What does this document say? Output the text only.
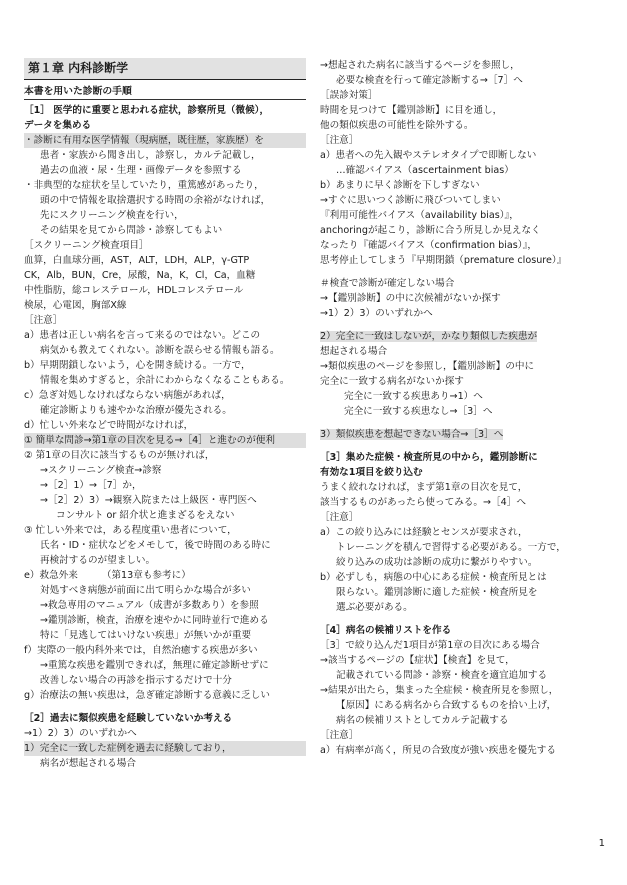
第１章 内科診断学
本書を用いた診断の手順
［1］ 医学的に重要と思われる症状，診察所見（微候），
データを集める
・診断に有用な医学情報（現病歴，既往歴，家族歴）を
患者・家族から聞き出し，診察し，カルテ記載し，
過去の血液・尿・生理・画像データを参照する
・非典型的な症状を呈していたり，重篤感があったり，
頭の中で情報を取捨選択する時間の余裕がなければ，
先にスクリーニング検査を行い，
その結果を見てから問診・診察してもよい
［スクリーニング検査項目］
血算，白血球分画，AST，ALT，LDH，ALP，γ-GTP
CK，Alb，BUN，Cre，尿酸，Na，K，Cl，Ca，血糖
中性脂肪，総コレステロール，HDLコレステロール
検尿，心電図，胸部X線
［注意］
a）患者は正しい病名を言って来るのではない。どこの
病気かも教えてくれない。診断を誤らせる情報も語る。
b）早期閉鎖しないよう，心を開き続ける。一方で，
情報を集めすぎると，余計にわからなくなることもある。
c）急ぎ対処しなければならない病態があれば，
確定診断よりも速やかな治療が優先される。
d）忙しい外来などで時間がなければ，
① 簡単な問診→第1章の目次を見る→［4］と進むのが便利
② 第1章の目次に該当するものが無ければ，
→スクリーニング検査→診察
→［2］1）→［7］か，
→［2］2）3）→観察入院または上級医・専門医へ
コンサルト or 紹介状と進まざるをえない
③ 忙しい外来では，ある程度重い患者について，
氏名・ID・症状などをメモして，後で時間のある時に
再検討するのが望ましい。
e）救急外来　　　（第13章も参考に）
対処すべき病態が前面に出て明らかな場合が多い
→救急専用のマニュアル（成書が多数あり）を参照
→鑑別診断，検査，治療を速やかに同時並行で進める
特に「見逃してはいけない疾患」が無いかが重要
f）実際の一般内科外来では，自然治癒する疾患が多い
→重篤な疾患を鑑別できれば，無理に確定診断せずに
改善しない場合の再診を指示するだけで十分
g）治療法の無い疾患は，急ぎ確定診断する意義に乏しい
［2］過去に類似疾患を経験していないか考える
→1）2）3）のいずれかへ
1）完全に一致した症例を過去に経験しており，
病名が想起される場合
→想起された病名に該当するページを参照し，
必要な検査を行って確定診断する→［7］へ
［誤診対策］
時間を見つけて【鑑別診断】に目を通し，
他の類似疾患の可能性を除外する。
［注意］
a）患者への先入観やステレオタイプで即断しない
…確認バイアス（ascertainment bias）
b）あまりに早く診断を下しすぎない
→すぐに思いつく診断に飛びついてしまい
『利用可能性バイアス（availability bias）』，
anchoringが起こり，診断に合う所見しか見えなく
なったり『確認バイアス（confirmation bias）』，
思考停止してしまう『早期閉鎖（premature closure）』
＃検査で診断が確定しない場合
→【鑑別診断】の中に次候補がないか探す
→1）2）3）のいずれかへ
2）完全に一致はしないが，かなり類似した疾患が
想起される場合
→類似疾患のページを参照し，【鑑別診断】の中に
完全に一致する病名がないか探す
完全に一致する疾患あり→1）へ
完全に一致する疾患なし→［3］へ
3）類似疾患を想起できない場合→［3］へ
［3］集めた症候・検査所見の中から，鑑別診断に
有効な1項目を絞り込む
うまく絞れなければ，まず第1章の目次を見て，
該当するものがあったら使ってみる。→［4］へ
［注意］
a）この絞り込みには経験とセンスが要求され，
トレーニングを積んで習得する必要がある。一方で，
絞り込みの成功は診断の成功に繋がりやすい。
b）必ずしも，病態の中心にある症候・検査所見とは
限らない。鑑別診断に適した症候・検査所見を
選ぶ必要がある。
［4］病名の候補リストを作る
［3］で絞り込んだ1項目が第1章の目次にある場合
→該当するページの【症状】【検査】を見て，
記載されている問診・診察・検査を適宜追加する
→結果が出たら，集まった全症候・検査所見を参照し，
【原因】にある病名から合致するものを拾い上げ，
病名の候補リストとしてカルテ記載する
［注意］
a）有病率が高く，所見の合致度が強い疾患を優先する
1
